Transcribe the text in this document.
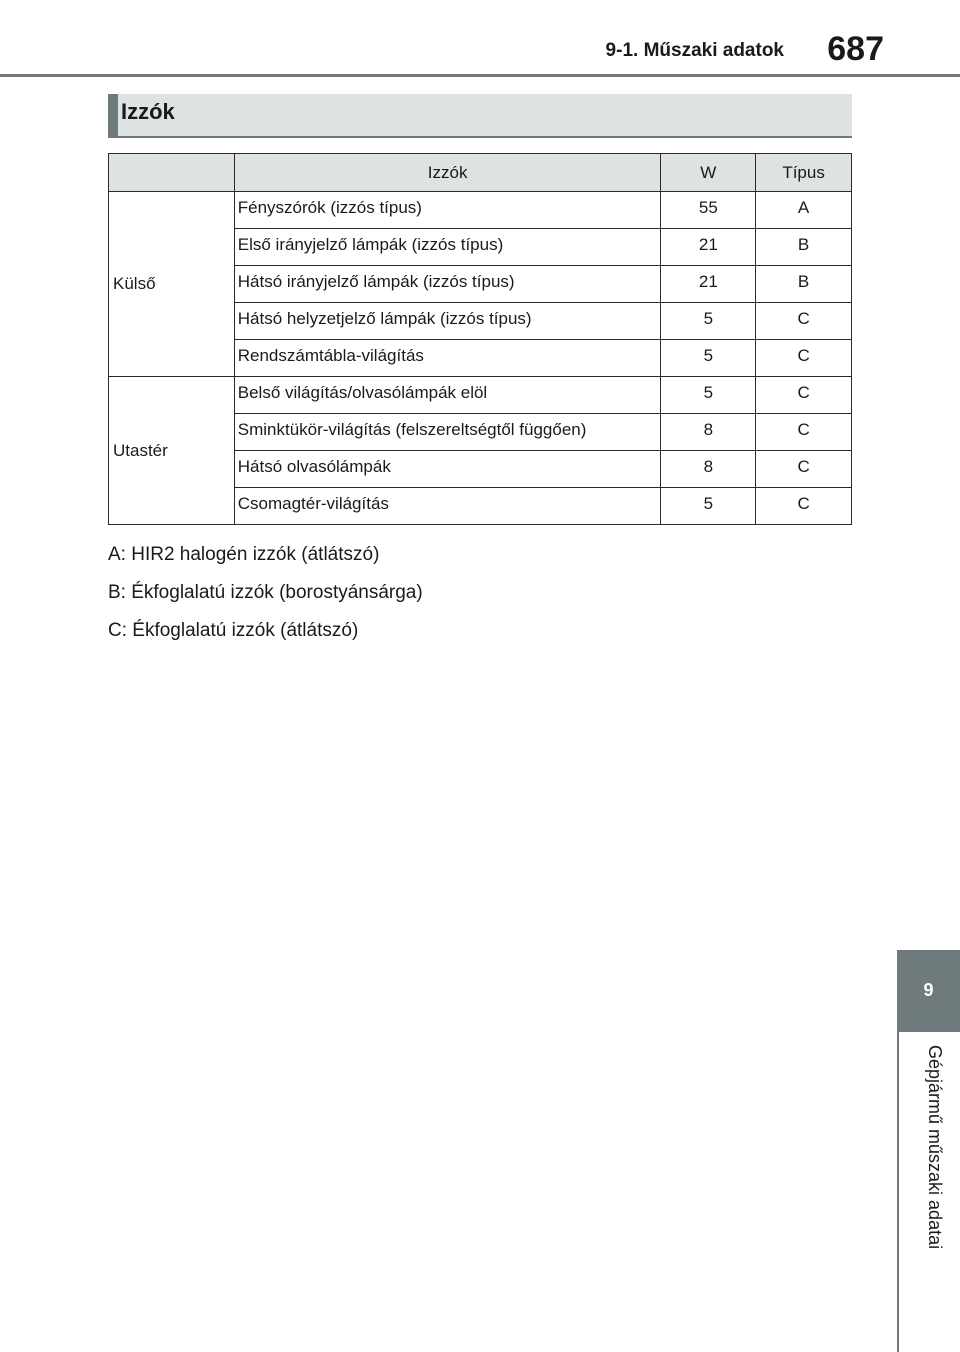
9-1. Műszaki adatok 687
Izzók
	Izzók	W	Típus
Külső	Fényszórók (izzós típus)	55	A
	Első irányjelző lámpák (izzós típus)	21	B
	Hátsó irányjelző lámpák (izzós típus)	21	B
	Hátsó helyzetjelző lámpák (izzós típus)	5	C
	Rendszámtábla-világítás	5	C
Utastér	Belső világítás/olvasólámpák elöl	5	C
	Sminktükör-világítás (felszereltségtől függően)	8	C
	Hátsó olvasólámpák	8	C
	Csomagtér-világítás	5	C
A: HIR2 halogén izzók (átlátszó)
B: Ékfoglalatú izzók (borostyánsárga)
C: Ékfoglalatú izzók (átlátszó)
9
Gépjármű műszaki adatai
